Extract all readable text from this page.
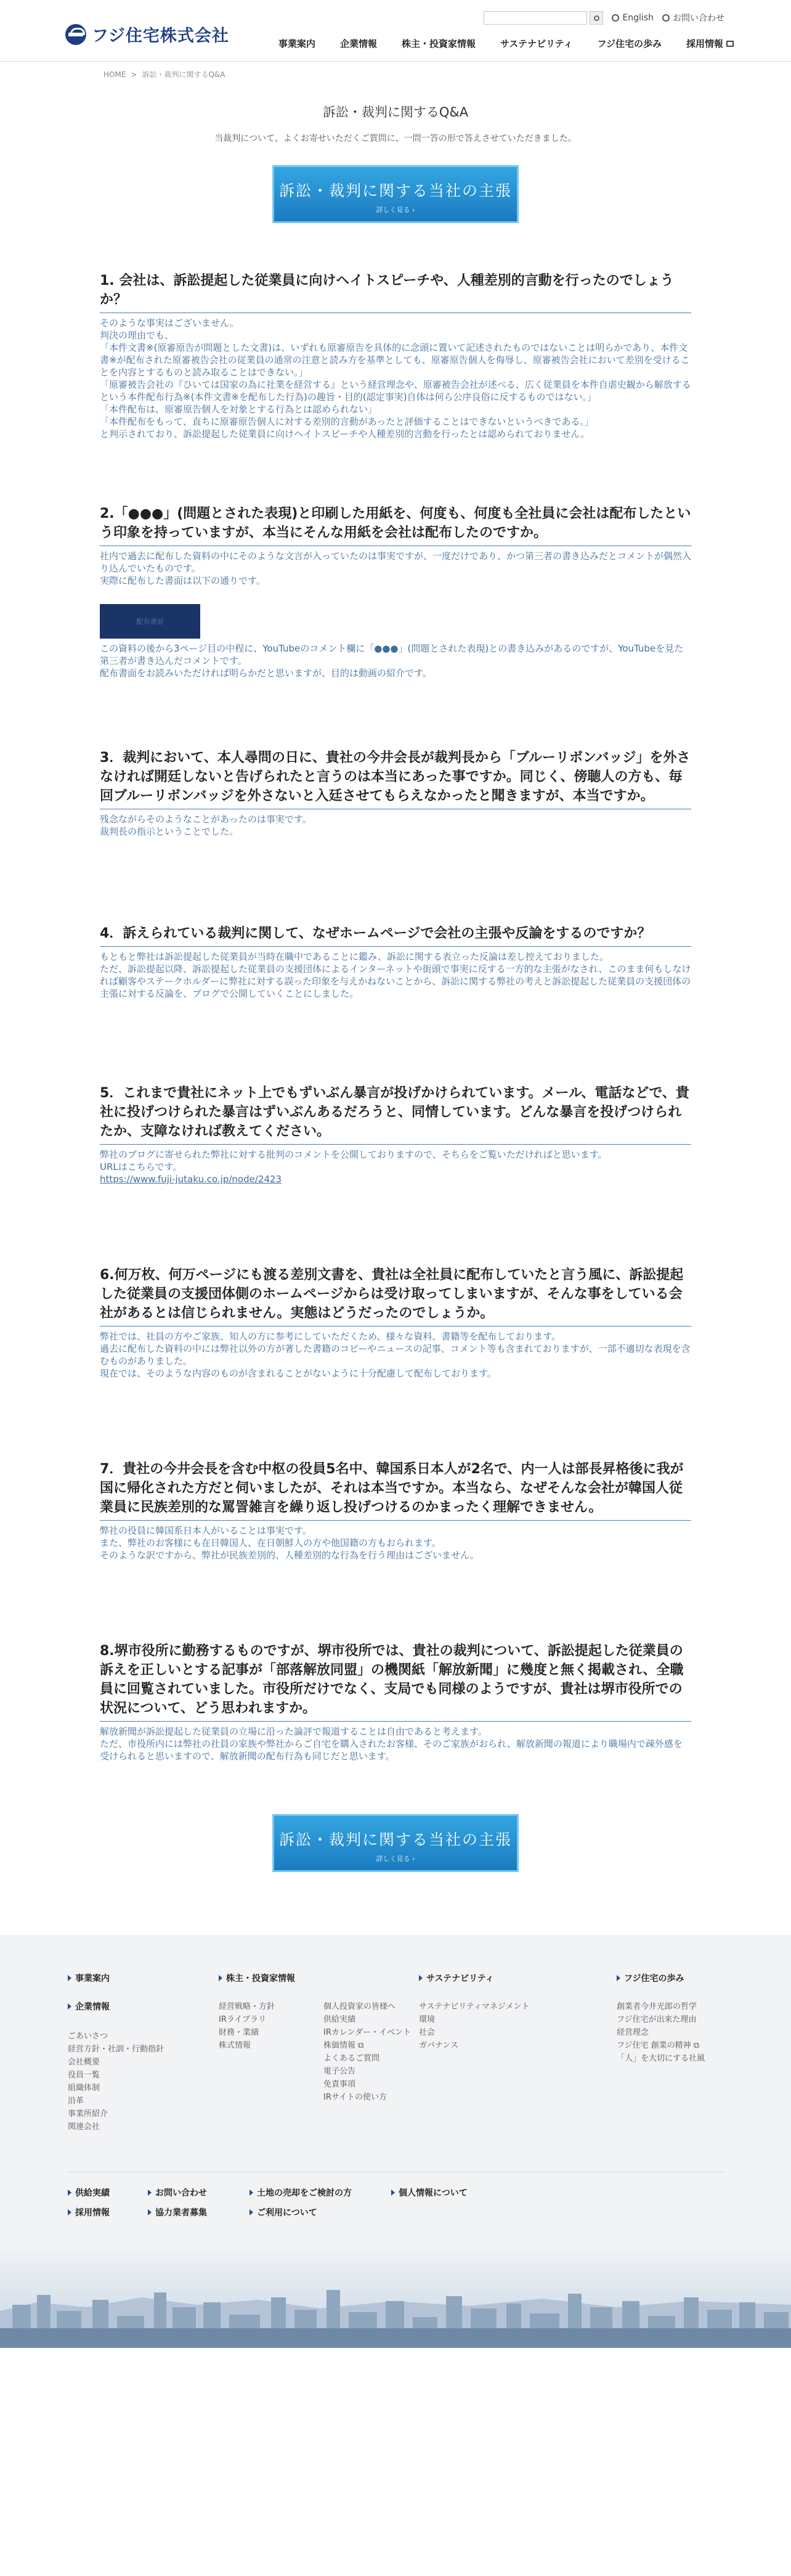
フジ住宅株式会社
English お問い合わせ
事業案内	企業情報	株主・投資家情報	サステナビリティ	フジ住宅の歩み	採用情報
HOME > 訴訟・裁判に関するQ&A
訴訟・裁判に関するQ&A

当裁判について、よくお寄せいただくご質問に、一問一答の形で答えさせていただきました。

訴訟・裁判に関する当社の主張
詳しく見る ›
1. 会社は、訴訟提起した従業員に向けヘイトスピーチや、人種差別的言動を行ったのでしょうか？

そのような事実はございません。
判決の理由でも、
「本件文書※(原審原告が問題とした文書)は、いずれも原審原告を具体的に念頭に置いて記述されたものではないことは明らかであり、本件文書※が配布された原審被告会社の従業員の通常の注意と読み方を基準としても、原審原告個人を侮辱し、原審被告会社において差別を受けることを内容とするものと読み取ることはできない。」
「原審被告会社の『ひいては国家の為に社業を経営する』という経営理念や、原審被告会社が述べる、広く従業員を本件自虐史観から解放するという本件配布行為※(本件文書※を配布した行為)の趣旨・目的(認定事実)自体は何ら公序良俗に反するものではない。」
「本件配布は、原審原告個人を対象とする行為とは認められない」
「本件配布をもって、直ちに原審原告個人に対する差別的言動があったと評価することはできないというべきである。」
と判示されており、訴訟提起した従業員に向けヘイトスピーチや人種差別的言動を行ったとは認められておりません。

2.「●●●」(問題とされた表現)と印刷した用紙を、何度も、何度も全社員に会社は配布したという印象を持っていますが、本当にそんな用紙を会社は配布したのですか。

社内で過去に配布した資料の中にそのような文言が入っていたのは事実ですが、一度だけであり、かつ第三者の書き込みだとコメントが偶然入り込んでいたものです。
実際に配布した書面は以下の通りです。

配布書面

この資料の後から3ページ目の中程に、YouTubeのコメント欄に「●●●」(問題とされた表現)との書き込みがあるのですが、YouTubeを見た第三者が書き込んだコメントです。
配布書面をお読みいただければ明らかだと思いますが、目的は動画の紹介です。

3．裁判において、本人尋問の日に、貴社の今井会長が裁判長から「ブルーリボンバッジ」を外さなければ開廷しないと告げられたと言うのは本当にあった事ですか。同じく、傍聴人の方も、毎回ブルーリボンバッジを外さないと入廷させてもらえなかったと聞きますが、本当ですか。

残念ながらそのようなことがあったのは事実です。
裁判長の指示ということでした。

4．訴えられている裁判に関して、なぜホームページで会社の主張や反論をするのですか？

もともと弊社は訴訟提起した従業員が当時在職中であることに鑑み、訴訟に関する表立った反論は差し控えておりました。
ただ、訴訟提起以降、訴訟提起した従業員の支援団体によるインターネットや街頭で事実に反する一方的な主張がなされ、このまま何もしなければ顧客やステークホルダーに弊社に対する誤った印象を与えかねないことから、訴訟に関する弊社の考えと訴訟提起した従業員の支援団体の主張に対する反論を、ブログで公開していくことにしました。

5．これまで貴社にネット上でもずいぶん暴言が投げかけられています。メール、電話などで、貴社に投げつけられた暴言はずいぶんあるだろうと、同情しています。どんな暴言を投げつけられたか、支障なければ教えてください。

弊社のブログに寄せられた弊社に対する批判のコメントを公開しておりますので、そちらをご覧いただければと思います。
URLはこちらです。

https://www.fuji-jutaku.co.jp/node/2423
6.何万枚、何万ページにも渡る差別文書を、貴社は全社員に配布していたと言う風に、訴訟提起した従業員の支援団体側のホームページからは受け取ってしまいますが、そんな事をしている会社があるとは信じられません。実態はどうだったのでしょうか。

弊社では、社員の方やご家族、知人の方に参考にしていただくため、様々な資料、書籍等を配布しております。
過去に配布した資料の中には弊社以外の方が著した書籍のコピーやニュースの記事、コメント等も含まれておりますが、一部不適切な表現を含むものがありました。
現在では、そのような内容のものが含まれることがないように十分配慮して配布しております。

7．貴社の今井会長を含む中枢の役員5名中、韓国系日本人が2名で、内一人は部長昇格後に我が国に帰化された方だと伺いましたが、それは本当ですか。本当なら、なぜそんな会社が韓国人従業員に民族差別的な罵詈雑言を繰り返し投げつけるのかまったく理解できません。

弊社の役員に韓国系日本人がいることは事実です。
また、弊社のお客様にも在日韓国人、在日朝鮮人の方や他国籍の方もおられます。
そのような訳ですから、弊社が民族差別的、人種差別的な行為を行う理由はございません。

8.堺市役所に勤務するものですが、堺市役所では、貴社の裁判について、訴訟提起した従業員の訴えを正しいとする記事が「部落解放同盟」の機関紙「解放新聞」に幾度と無く掲載され、全職員に回覧されていました。市役所だけでなく、支局でも同様のようですが、貴社は堺市役所での状況について、どう思われますか。

解放新聞が訴訟提起した従業員の立場に沿った論評で報道することは自由であると考えます。
ただ、市役所内には弊社の社員の家族や弊社からご自宅を購入されたお客様、そのご家族がおられ、解放新聞の報道により職場内で疎外感を受けられると思いますので、解放新聞の配布行為も同じだと思います。

訴訟・裁判に関する当社の主張
詳しく見る ›
事業案内
企業情報
ごあいさつ
経営方針・社訓・行動指針
会社概要
役員一覧
組織体制
沿革
事業所紹介
関連会社
株主・投資家情報
経営戦略・方針
IRライブラリ
財務・業績
株式情報
個人投資家の皆様へ
供給実績
IRカレンダー・イベント
株価情報 ⧉
よくあるご質問
電子公告
免責事項
IRサイトの使い方
サステナビリティ
サステナビリティマネジメント
環境
社会
ガバナンス
フジ住宅の歩み
創業者今井光郎の哲学
フジ住宅が出来た理由
経営理念
フジ住宅 創業の精神 ⧉
「人」を大切にする社風
供給実績	お問い合わせ	土地の売却をご検討の方	個人情報について
採用情報	協力業者募集	ご利用について
